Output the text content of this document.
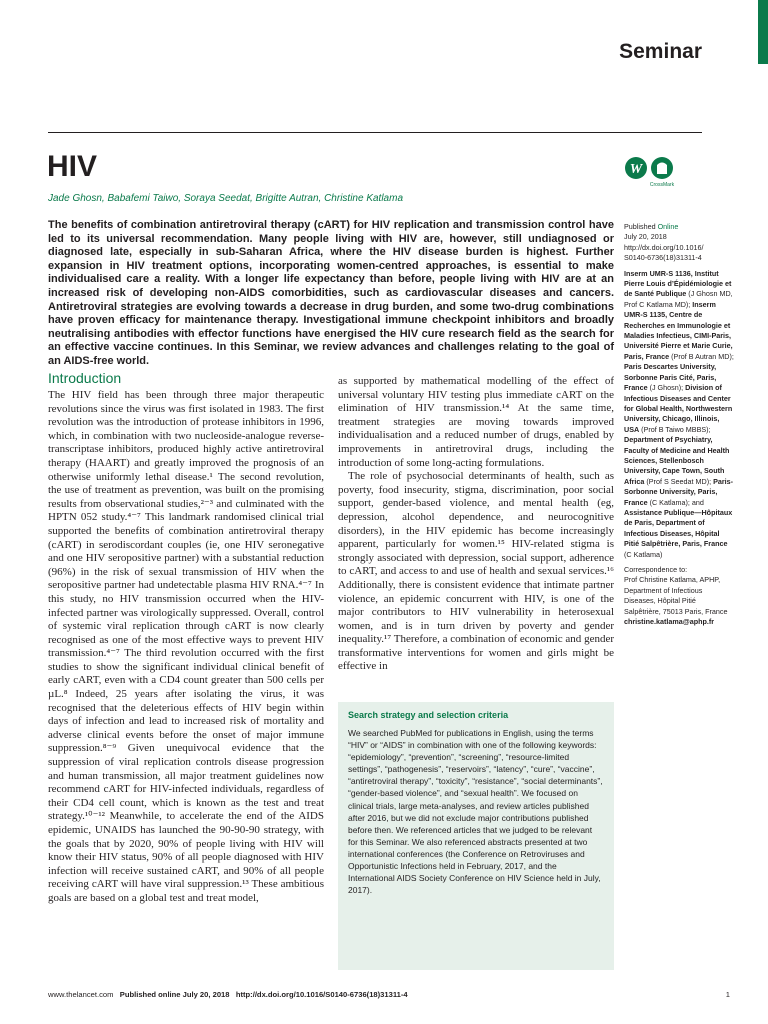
Seminar
HIV
Jade Ghosn, Babafemi Taiwo, Soraya Seedat, Brigitte Autran, Christine Katlama
W
CrossMark
The benefits of combination antiretroviral therapy (cART) for HIV replication and transmission control have led to its universal recommendation. Many people living with HIV are, however, still undiagnosed or diagnosed late, especially in sub-Saharan Africa, where the HIV disease burden is highest. Further expansion in HIV treatment options, incorporating women-centred approaches, is essential to make individualised care a reality. With a longer life expectancy than before, people living with HIV are at an increased risk of developing non-AIDS comorbidities, such as cardiovascular diseases and cancers. Antiretroviral strategies are evolving towards a decrease in drug burden, and some two-drug combinations have proven efficacy for maintenance therapy. Investigational immune checkpoint inhibitors and broadly neutralising antibodies with effector functions have energised the HIV cure research field as the search for an effective vaccine continues. In this Seminar, we review advances and challenges relating to the goal of an AIDS-free world.

Published Online
July 20, 2018
http://dx.doi.org/10.1016/
S0140-6736(18)31311-4

Inserm UMR-S 1136, Institut Pierre Louis d’Épidémiologie et de Santé Publique (J Ghosn MD, Prof C Katlama MD); Inserm UMR-S 1135, Centre de Recherches en Immunologie et Maladies Infectieus, CIMI-Paris, Université Pierre et Marie Curie, Paris, France (Prof B Autran MD); Paris Descartes University, Sorbonne Paris Cité, Paris, France (J Ghosn); Division of Infectious Diseases and Center for Global Health, Northwestern University, Chicago, Illinois, USA (Prof B Taiwo MBBS); Department of Psychiatry, Faculty of Medicine and Health Sciences, Stellenbosch University, Cape Town, South Africa (Prof S Seedat MD); Paris-Sorbonne University, Paris, France (C Katlama); and Assistance Publique—Hôpitaux de Paris, Department of Infectious Diseases, Hôpital Pitié Salpêtrière, Paris, France (C Katlama)

Correspondence to:
Prof Christine Katlama, APHP,
Department of Infectious
Diseases, Hôpital Pitié
Salpêtrière, 75013 Paris, France
christine.katlama@aphp.fr

Introduction

The HIV field has been through three major therapeutic revolutions since the virus was first isolated in 1983. The first revolution was the introduction of protease inhibitors in 1996, which, in combination with two nucleoside-analogue reverse-transcriptase inhibitors, produced highly active antiretroviral therapy (HAART) and greatly improved the prognosis of an otherwise uniformly lethal disease.¹ The second revolution, the use of treatment as prevention, was built on the promising results from observational studies,²⁻³ and culminated with the HPTN 052 study.⁴⁻⁷ This landmark randomised clinical trial supported the benefits of combination antiretroviral therapy (cART) in serodiscordant couples (ie, one HIV seronegative and one HIV seropositive partner) with a substantial reduction (96%) in the risk of sexual transmission of HIV when the seropositive partner had undetectable plasma HIV RNA.⁴⁻⁷ In this study, no HIV transmission occurred when the HIV-infected partner was virologically suppressed. Overall, control of systemic viral replication through cART is now clearly recognised as one of the most effective ways to prevent HIV transmission.⁴⁻⁷ The third revolution occurred with the first studies to show the significant individual clinical benefit of early cART, even with a CD4 count greater than 500 cells per µL.⁸ Indeed, 25 years after isolating the virus, it was recognised that the deleterious effects of HIV begin within days of infection and lead to increased risk of mortality and adverse clinical events before the onset of major immune suppression.⁸⁻⁹ Given unequivocal evidence that the suppression of viral replication controls disease progression and human transmission, all major treatment guidelines now recommend cART for HIV-infected individuals, regardless of their CD4 cell count, which is known as the test and treat strategy.¹⁰⁻¹² Meanwhile, to accelerate the end of the AIDS epidemic, UNAIDS has launched the 90-90-90 strategy, with the goals that by 2020, 90% of people living with HIV will know their HIV status, 90% of all people diagnosed with HIV infection will receive sustained cART, and 90% of all people receiving cART will have viral suppression.¹³ These ambitious goals are based on a global test and treat model,

as supported by mathematical modelling of the effect of universal voluntary HIV testing plus immediate cART on the elimination of HIV transmission.¹⁴ At the same time, treatment strategies are moving towards improved individualisation and a reduced number of drugs, enabled by improvements in antiretroviral drugs, including the introduction of some long-acting formulations.

The role of psychosocial determinants of health, such as poverty, food insecurity, stigma, discrimination, poor social support, gender-based violence, and mental health (eg, depression, alcohol dependence, and neurocognitive disorders), in the HIV epidemic has become increasingly apparent, particularly for women.¹⁵ HIV-related stigma is strongly associated with depression, social support, adherence to cART, and access to and use of health and sexual services.¹⁶ Additionally, there is consistent evidence that intimate partner violence, an epidemic concurrent with HIV, is one of the major contributors to HIV vulnerability in heterosexual women, and is in turn driven by poverty and gender inequality.¹⁷ Therefore, a combination of economic and gender transformative interventions for women and girls might be effective in

Search strategy and selection criteria
We searched PubMed for publications in English, using the terms “HIV” or “AIDS” in combination with one of the following keywords: “epidemiology”, “prevention”, “screening”, “resource-limited settings”, “pathogenesis”, “reservoirs”, “latency”, “cure”, “vaccine”, “antiretroviral therapy”, “toxicity”, “resistance”, “social determinants”, “gender-based violence”, and “sexual health”. We focused on clinical trials, large meta-analyses, and review articles published after 2016, but we did not exclude major contributions published before then. We referenced articles that we judged to be relevant for this Seminar. We also referenced abstracts presented at two international conferences (the Conference on Retroviruses and Opportunistic Infections held in February, 2017, and the International AIDS Society Conference on HIV Science held in July, 2017).
www.thelancet.com Published online July 20, 2018 http://dx.doi.org/10.1016/S0140-6736(18)31311-4	1
